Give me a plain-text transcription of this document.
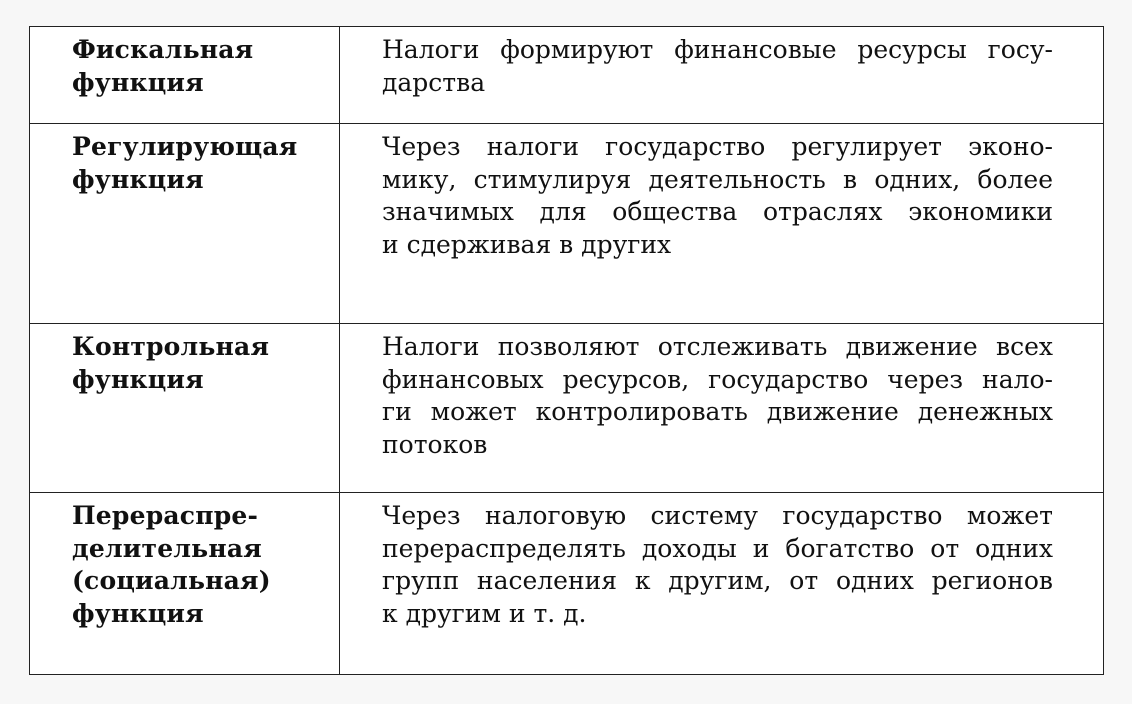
Фискальная
функция	Налоги формируют финансовые ресурсы госу-
дарства

Регулирующая
функция	Через налоги государство регулирует эконо-
мику, стимулируя деятельность в одних, более
значимых для общества отраслях экономики
и сдерживая в других

Контрольная
функция	Налоги позволяют отслеживать движение всех
финансовых ресурсов, государство через нало-
ги может контролировать движение денежных
потоков

Перераспре-
делительная
(социальная)
функция	Через налоговую систему государство может
перераспределять доходы и богатство от одних
групп населения к другим, от одних регионов
к другим и т. д.
